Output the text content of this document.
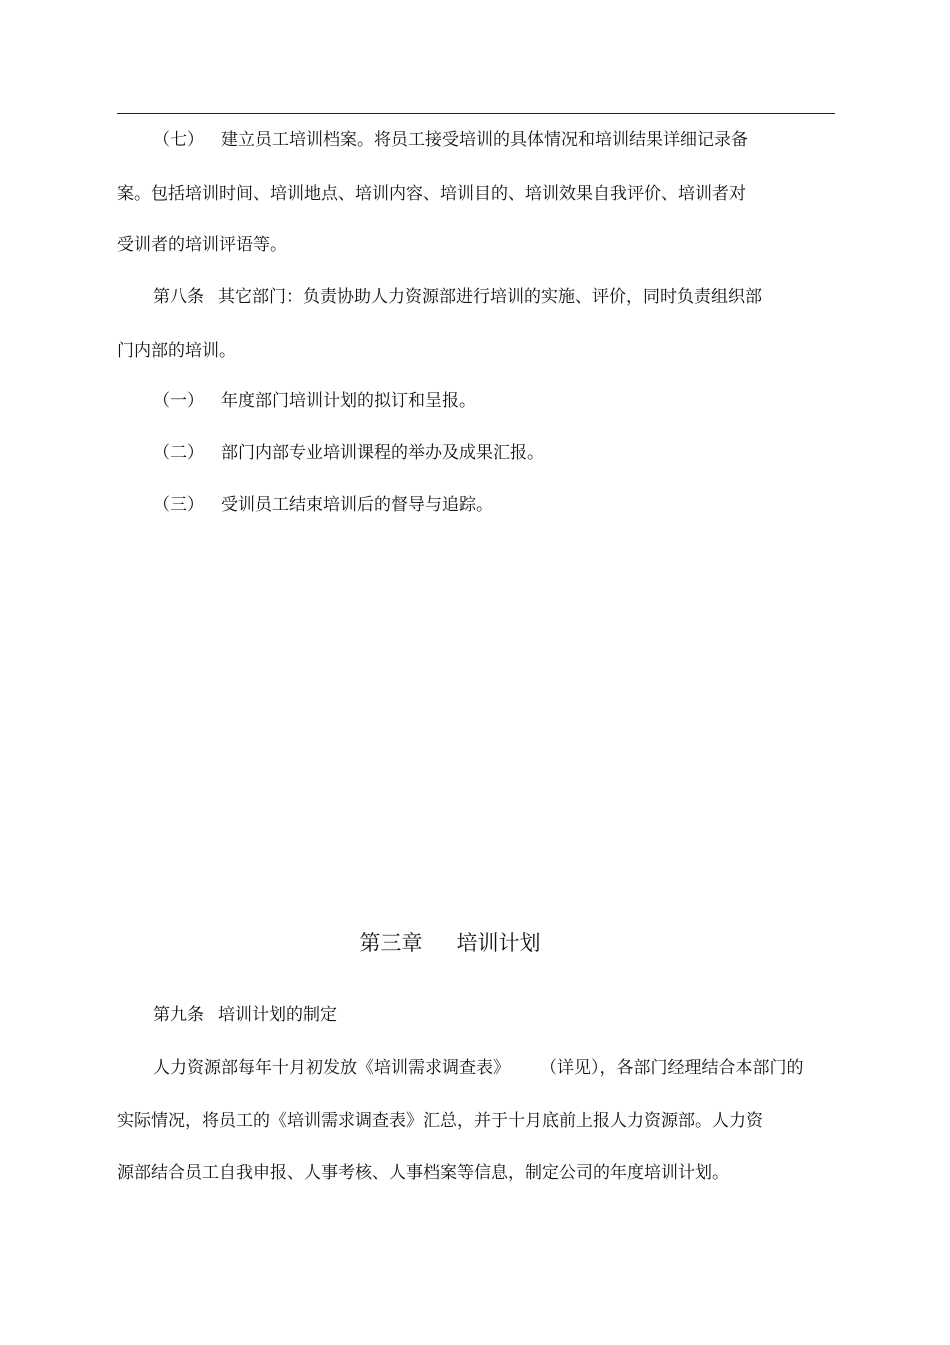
（七） 建立员工培训档案。将员工接受培训的具体情况和培训结果详细记录备
案。包括培训时间、培训地点、培训内容、培训目的、培训效果自我评价、培训者对
受训者的培训评语等。
第八条 其它部门：负责协助人力资源部进行培训的实施、评价，同时负责组织部
门内部的培训。
（一） 年度部门培训计划的拟订和呈报。
（二） 部门内部专业培训课程的举办及成果汇报。
（三） 受训员工结束培训后的督导与追踪。
第三章 培训计划
第九条 培训计划的制定
人力资源部每年十月初发放《培训需求调查表》 （详见），各部门经理结合本部门的
实际情况，将员工的《培训需求调查表》汇总，并于十月底前上报人力资源部。人力资
源部结合员工自我申报、人事考核、人事档案等信息，制定公司的年度培训计划。
